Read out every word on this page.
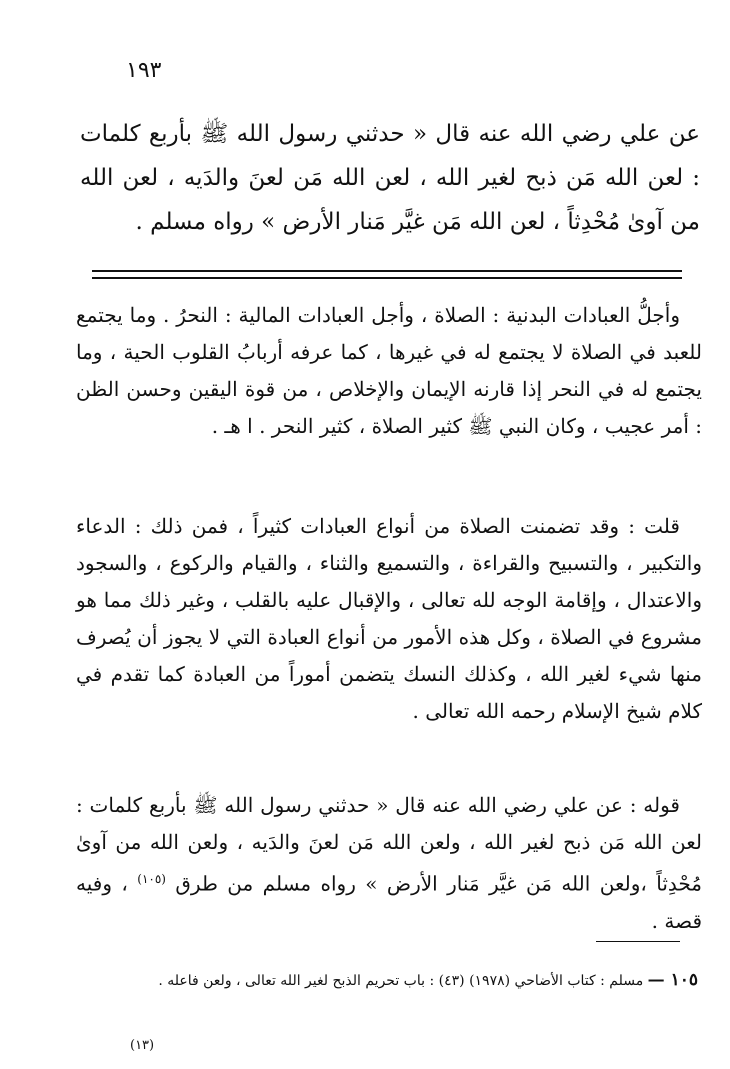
١٩٣
عن علي رضي الله عنه قال « حدثني رسول الله ﷺ بأربع كلمات : لعن الله مَن ذبح لغير الله ، لعن الله مَن لعنَ والدَيه ، لعن الله من آوىٰ مُحْدِثاً ، لعن الله مَن غيَّر مَنار الأرض » رواه مسلم .
وأجلُّ العبادات البدنية : الصلاة ، وأجل العبادات المالية : النحرُ . وما يجتمع للعبد في الصلاة لا يجتمع له في غيرها ، كما عرفه أربابُ القلوب الحية ، وما يجتمع له في النحر إذا قارنه الإيمان والإخلاص ، من قوة اليقين وحسن الظن : أمر عجيب ، وكان النبي ﷺ كثير الصلاة ، كثير النحر . ا هـ .
قلت : وقد تضمنت الصلاة من أنواع العبادات كثيراً ، فمن ذلك : الدعاء والتكبير ، والتسبيح والقراءة ، والتسميع والثناء ، والقيام والركوع ، والسجود والاعتدال ، وإقامة الوجه لله تعالى ، والإقبال عليه بالقلب ، وغير ذلك مما هو مشروع في الصلاة ، وكل هذه الأمور من أنواع العبادة التي لا يجوز أن يُصرف منها شيء لغير الله ، وكذلك النسك يتضمن أموراً من العبادة كما تقدم في كلام شيخ الإسلام رحمه الله تعالى .
قوله : عن علي رضي الله عنه قال « حدثني رسول الله ﷺ بأربع كلمات : لعن الله مَن ذبح لغير الله ، ولعن الله مَن لعنَ والدَيه ، ولعن الله من آوىٰ مُحْدِثاً ،ولعن الله مَن غيَّر مَنار الأرض » رواه مسلم من طرق $^{(١٠٥)}$ ، وفيه قصة .
١٠٥ — مسلم : كتاب الأضاحي (١٩٧٨) (٤٣) : باب تحريم الذبح لغير الله تعالى ، ولعن فاعله .
(١٣)
